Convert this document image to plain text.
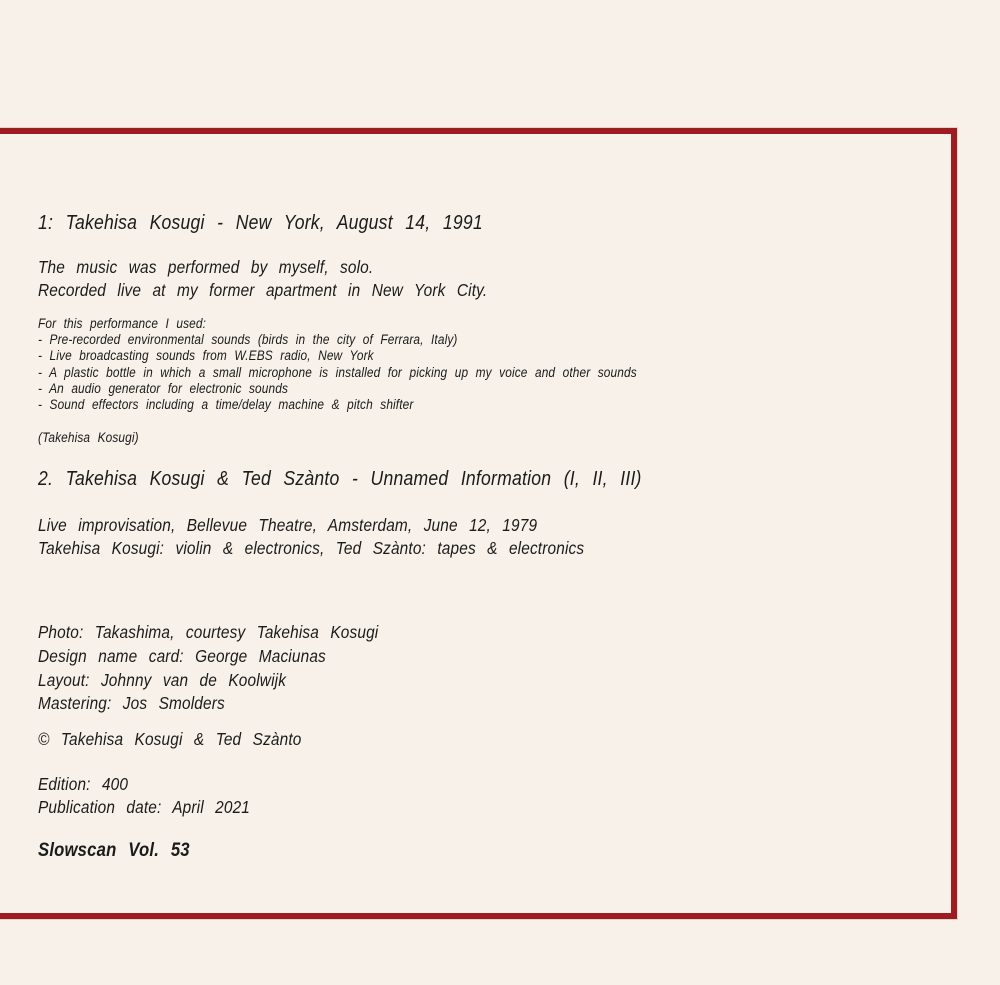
1: Takehisa Kosugi - New York, August 14, 1991
The music was performed by myself, solo.
Recorded live at my former apartment in New York City.
For this performance I used:
- Pre-recorded environmental sounds (birds in the city of Ferrara, Italy)
- Live broadcasting sounds from W.EBS radio, New York
- A plastic bottle in which a small microphone is installed for picking up my voice and other sounds
- An audio generator for electronic sounds
- Sound effectors including a time/delay machine & pitch shifter
(Takehisa Kosugi)
2. Takehisa Kosugi & Ted Szànto - Unnamed Information (I, II, III)
Live improvisation, Bellevue Theatre, Amsterdam, June 12, 1979
Takehisa Kosugi: violin & electronics, Ted Szànto: tapes & electronics
Photo: Takashima, courtesy Takehisa Kosugi
Design name card: George Maciunas
Layout: Johnny van de Koolwijk
Mastering: Jos Smolders
© Takehisa Kosugi & Ted Szànto
Edition: 400
Publication date: April 2021
Slowscan Vol. 53
